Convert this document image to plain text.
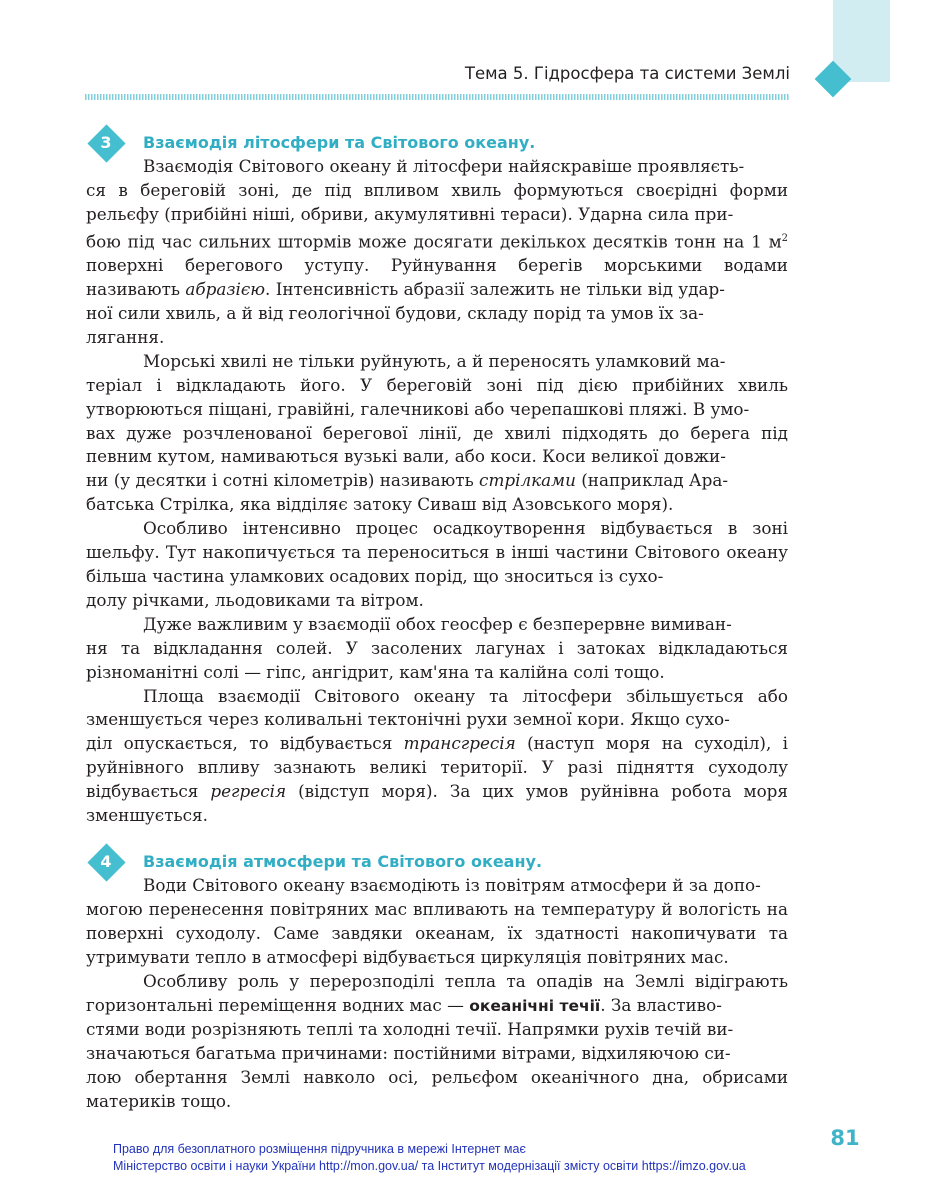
Тема 5. Гідросфера та системи Землі
3	Взаємодія літосфери та Світового океану.

Взаємодія Світового океану й літосфери найяскравіше проявляєть-
ся в береговій зоні, де під впливом хвиль формуються своєрідні форми рельєфу (прибійні ніші, обриви, акумулятивні тераси). Ударна сила при-
бою під час сильних штормів може досягати декількох десятків тонн на 1 $м^2$ поверхні берегового уступу. Руйнування берегів морськими водами називають абразією. Інтенсивність абразії залежить не тільки від удар-
ної сили хвиль, а й від геологічної будови, складу порід та умов їх за-
лягання.

Морські хвилі не тільки руйнують, а й переносять уламковий ма-
теріал і відкладають його. У береговій зоні під дією прибійних хвиль утворюються піщані, гравійні, галечникові або черепашкові пляжі. В умо-
вах дуже розчленованої берегової лінії, де хвилі підходять до берега під певним кутом, намиваються вузькі вали, або коси. Коси великої довжи-
ни (у десятки і сотні кілометрів) називають стрілками (наприклад Ара-
батська Стрілка, яка відділяє затоку Сиваш від Азовського моря).

Особливо інтенсивно процес осадкоутворення відбувається в зоні шельфу. Тут накопичується та переноситься в інші частини Світового океану більша частина уламкових осадових порід, що зноситься із сухо-
долу річками, льодовиками та вітром.

Дуже важливим у взаємодії обох геосфер є безперервне вимиван-
ня та відкладання солей. У засолених лагунах і затоках відкладаються різноманітні солі — гіпс, ангідрит, кам'яна та калійна солі тощо.

Площа взаємодії Світового океану та літосфери збільшується або зменшується через коливальні тектонічні рухи земної кори. Якщо сухо-
діл опускається, то відбувається трансгресія (наступ моря на суходіл), і руйнівного впливу зазнають великі території. У разі підняття суходолу відбувається регресія (відступ моря). За цих умов руйнівна робота моря зменшується.

4	Взаємодія атмосфери та Світового океану.

Води Світового океану взаємодіють із повітрям атмосфери й за допо-
могою перенесення повітряних мас впливають на температуру й вологість на поверхні суходолу. Саме завдяки океанам, їх здатності накопичувати та утримувати тепло в атмосфері відбувається циркуляція повітряних мас.

Особливу роль у перерозподілі тепла та опадів на Землі відіграють горизонтальні переміщення водних мас — океанічні течії. За властиво-
стями води розрізняють теплі та холодні течії. Напрямки рухів течій ви-
значаються багатьма причинами: постійними вітрами, відхиляючою си-
лою обертання Землі навколо осі, рельєфом океанічного дна, обрисами материків тощо.

81
Право для безоплатного розміщення підручника в мережі Інтернет має
Міністерство освіти і науки України http://mon.gov.ua/ та Інститут модернізації змісту освіти https://imzo.gov.ua
